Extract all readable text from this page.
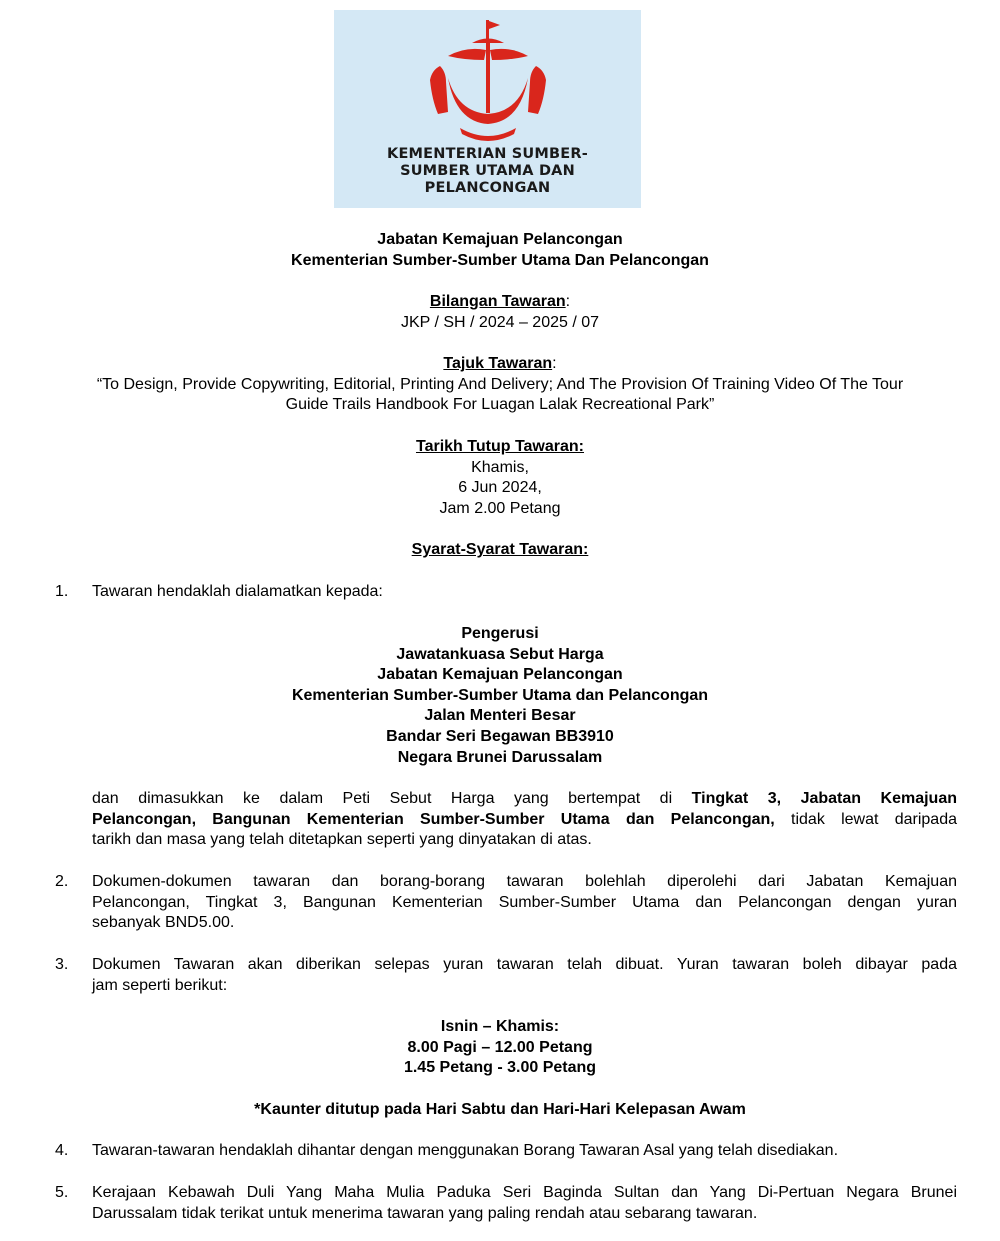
KEMENTERIAN SUMBER-
SUMBER UTAMA DAN
PELANCONGAN
Jabatan Kemajuan Pelancongan
Kementerian Sumber-Sumber Utama Dan Pelancongan
Bilangan Tawaran:
JKP / SH / 2024 – 2025 / 07
Tajuk Tawaran:
“To Design, Provide Copywriting, Editorial, Printing And Delivery; And The Provision Of Training Video Of The Tour
Guide Trails Handbook For Luagan Lalak Recreational Park”
Tarikh Tutup Tawaran:
Khamis,
6 Jun 2024,
Jam 2.00 Petang
Syarat-Syarat Tawaran:
1.	Tawaran hendaklah dialamatkan kepada:
Pengerusi
Jawatankuasa Sebut Harga
Jabatan Kemajuan Pelancongan
Kementerian Sumber-Sumber Utama dan Pelancongan
Jalan Menteri Besar
Bandar Seri Begawan BB3910
Negara Brunei Darussalam
dan dimasukkan ke dalam Peti Sebut Harga yang bertempat di Tingkat 3, Jabatan Kemajuan
Pelancongan, Bangunan Kementerian Sumber-Sumber Utama dan Pelancongan, tidak lewat daripada
tarikh dan masa yang telah ditetapkan seperti yang dinyatakan di atas.
2.	Dokumen-dokumen tawaran dan borang-borang tawaran bolehlah diperolehi dari Jabatan Kemajuan
Pelancongan, Tingkat 3, Bangunan Kementerian Sumber-Sumber Utama dan Pelancongan dengan yuran
sebanyak BND5.00.
3.	Dokumen Tawaran akan diberikan selepas yuran tawaran telah dibuat. Yuran tawaran boleh dibayar pada
jam seperti berikut:
Isnin – Khamis:
8.00 Pagi – 12.00 Petang
1.45 Petang - 3.00 Petang
*Kaunter ditutup pada Hari Sabtu dan Hari-Hari Kelepasan Awam
4.	Tawaran-tawaran hendaklah dihantar dengan menggunakan Borang Tawaran Asal yang telah disediakan.
5.	Kerajaan Kebawah Duli Yang Maha Mulia Paduka Seri Baginda Sultan dan Yang Di-Pertuan Negara Brunei
Darussalam tidak terikat untuk menerima tawaran yang paling rendah atau sebarang tawaran.
